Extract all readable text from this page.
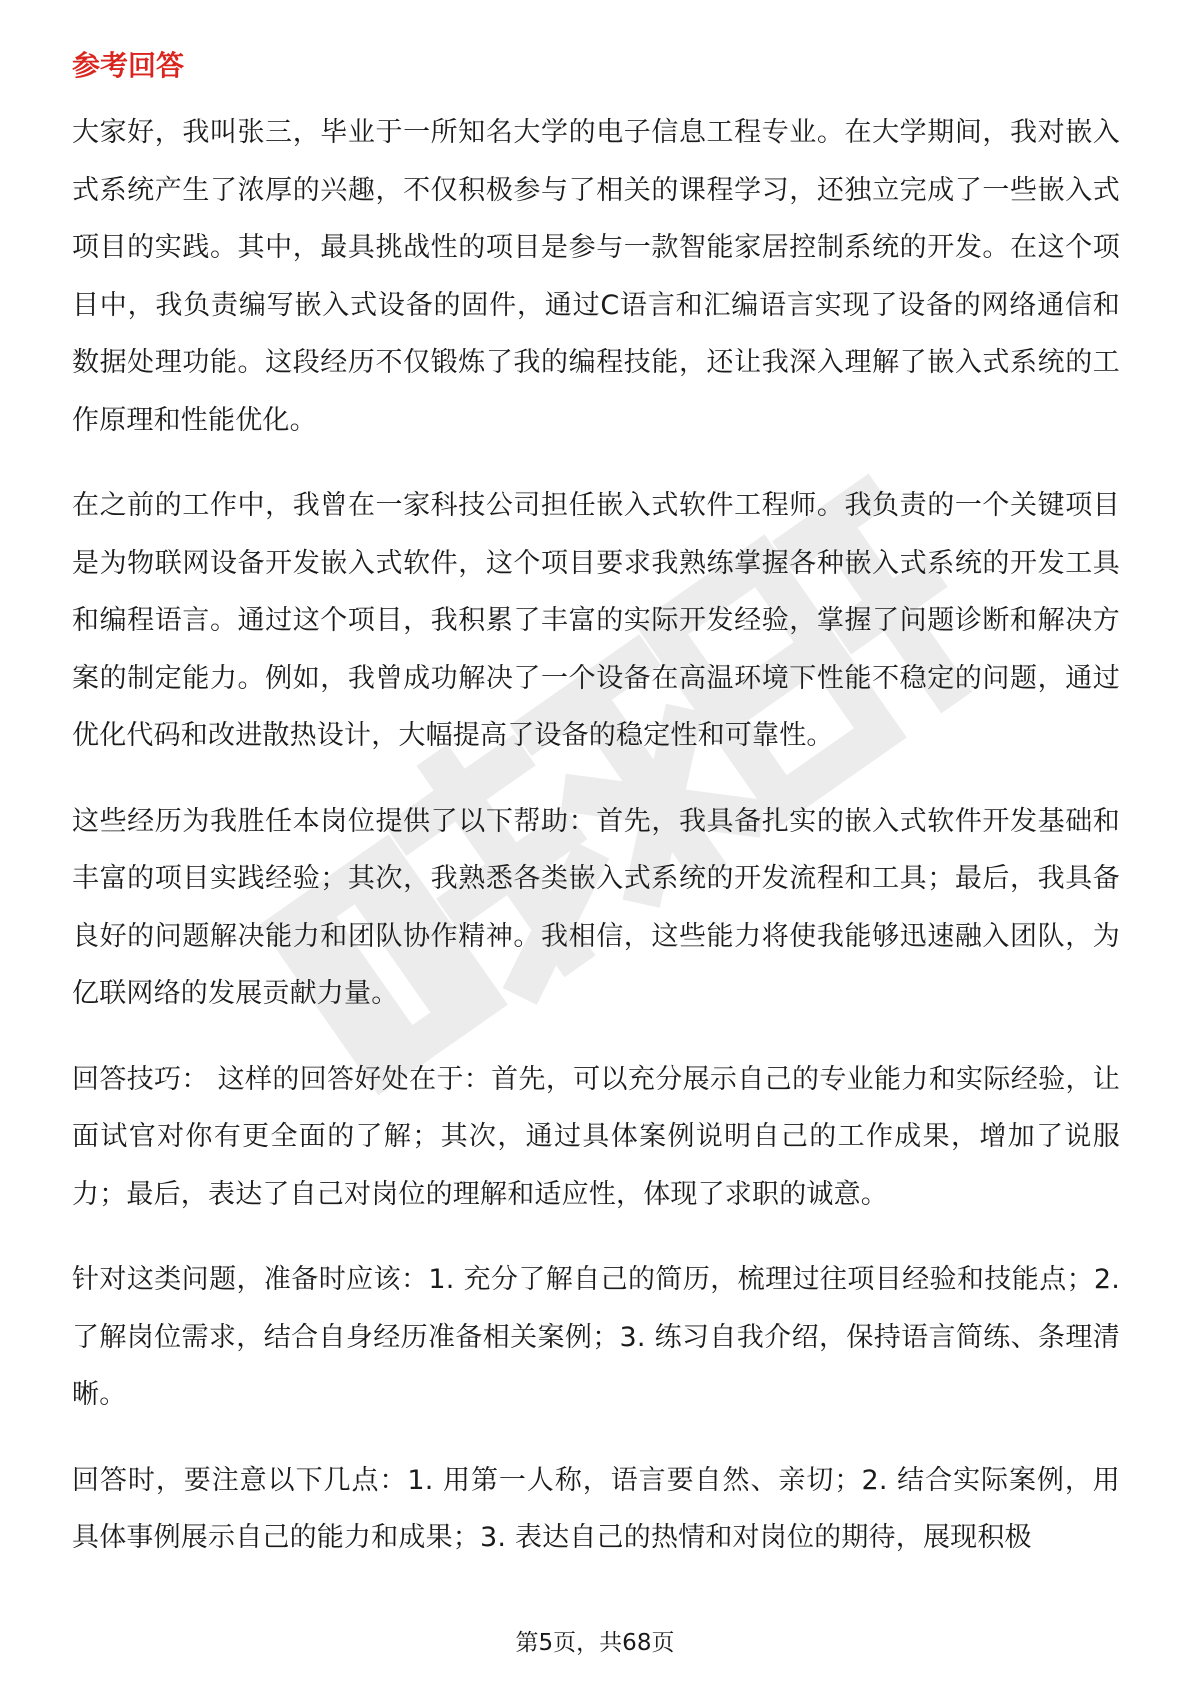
参考回答

大家好，我叫张三，毕业于一所知名大学的电子信息工程专业。在大学期间，我对嵌入式系统产生了浓厚的兴趣，不仅积极参与了相关的课程学习，还独立完成了一些嵌入式项目的实践。其中，最具挑战性的项目是参与一款智能家居控制系统的开发。在这个项目中，我负责编写嵌入式设备的固件，通过C语言和汇编语言实现了设备的网络通信和数据处理功能。这段经历不仅锻炼了我的编程技能，还让我深入理解了嵌入式系统的工作原理和性能优化。

在之前的工作中，我曾在一家科技公司担任嵌入式软件工程师。我负责的一个关键项目是为物联网设备开发嵌入式软件，这个项目要求我熟练掌握各种嵌入式系统的开发工具和编程语言。通过这个项目，我积累了丰富的实际开发经验，掌握了问题诊断和解决方案的制定能力。例如，我曾成功解决了一个设备在高温环境下性能不稳定的问题，通过优化代码和改进散热设计，大幅提高了设备的稳定性和可靠性。

这些经历为我胜任本岗位提供了以下帮助：首先，我具备扎实的嵌入式软件开发基础和丰富的项目实践经验；其次，我熟悉各类嵌入式系统的开发流程和工具；最后，我具备良好的问题解决能力和团队协作精神。我相信，这些能力将使我能够迅速融入团队，为亿联网络的发展贡献力量。

回答技巧： 这样的回答好处在于：首先，可以充分展示自己的专业能力和实际经验，让面试官对你有更全面的了解；其次，通过具体案例说明自己的工作成果，增加了说服力；最后，表达了自己对岗位的理解和适应性，体现了求职的诚意。

针对这类问题，准备时应该：1. 充分了解自己的简历，梳理过往项目经验和技能点；2. 了解岗位需求，结合自身经历准备相关案例；3. 练习自我介绍，保持语言简练、条理清晰。

回答时，要注意以下几点：1. 用第一人称，语言要自然、亲切；2. 结合实际案例，用具体事例展示自己的能力和成果；3. 表达自己的热情和对岗位的期待，展现积极

第5页，共68页
